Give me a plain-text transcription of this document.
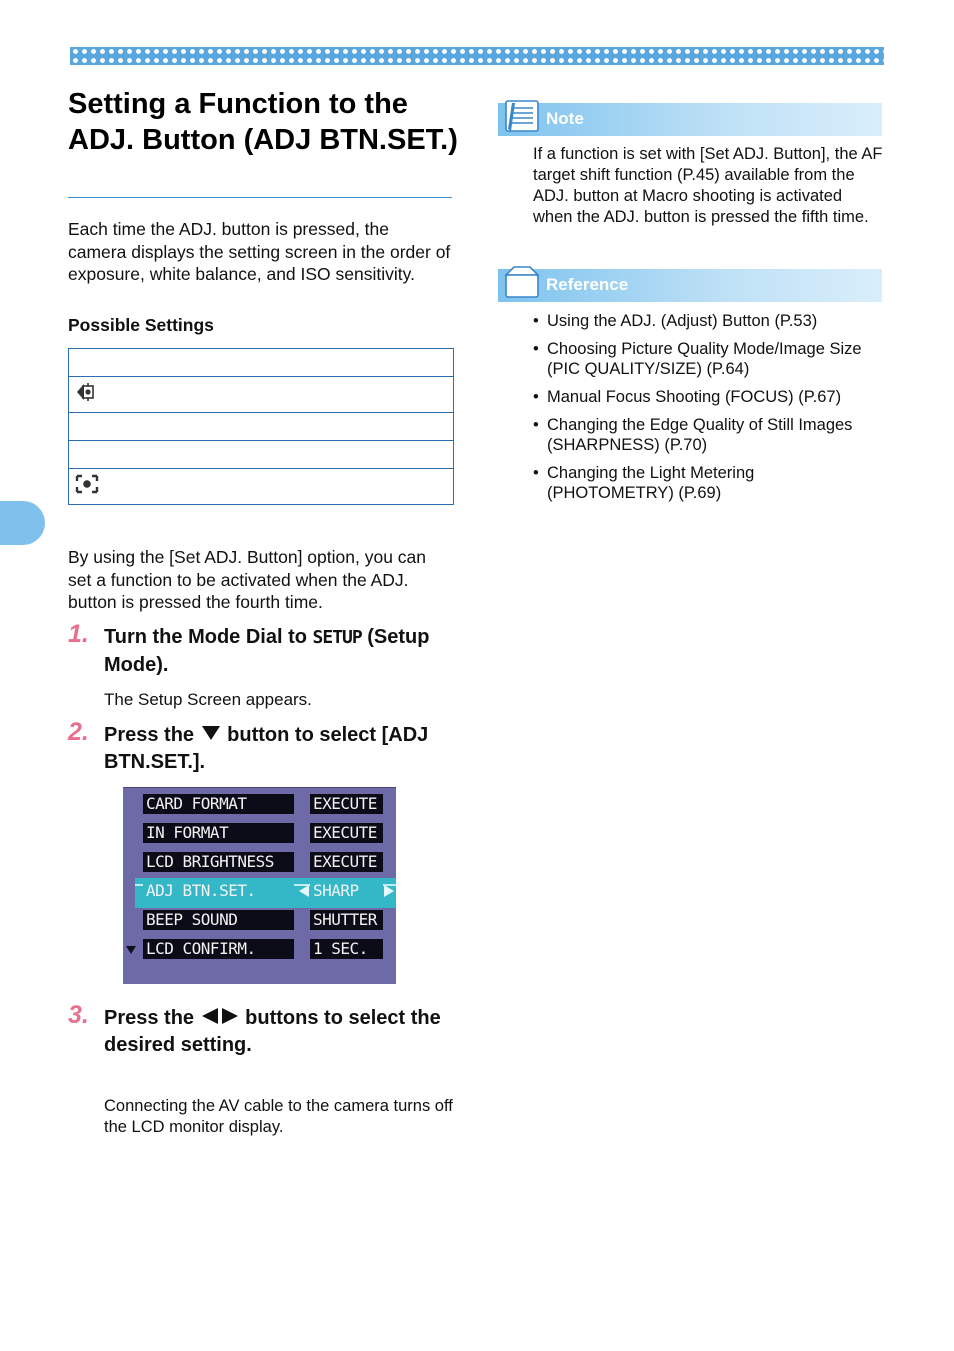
Setting a Function to the ADJ. Button (ADJ BTN.SET.)

Each time the ADJ. button is pressed, the camera displays the setting screen in the order of exposure, white balance, and ISO sensitivity.

Possible Settings

By using the [Set ADJ. Button] option, you can set a function to be activated when the ADJ. button is pressed the fourth time.

1. Turn the Mode Dial to SETUP (Setup Mode).
The Setup Screen appears.
2. Press the  button to select [ADJ BTN.SET.].
CARD FORMAT	EXECUTE
IN FORMAT	EXECUTE
LCD BRIGHTNESS	EXECUTE
ADJ BTN.SET.	SHARP
BEEP SOUND	SHUTTER
LCD CONFIRM.	1 SEC.
3. Press the  buttons to select the desired setting.
Connecting the AV cable to the camera turns off the LCD monitor display.
Note

If a function is set with [Set ADJ. Button], the AF target shift function (P.45) available from the ADJ. button at Macro shooting is activated when the ADJ. button is pressed the fifth time.

Reference
• Using the ADJ. (Adjust) Button (P.53)
• Choosing Picture Quality Mode/Image Size (PIC QUALITY/SIZE) (P.64)
• Manual Focus Shooting (FOCUS) (P.67)
• Changing the Edge Quality of Still Images (SHARPNESS) (P.70)
• Changing the Light Metering (PHOTOMETRY) (P.69)
